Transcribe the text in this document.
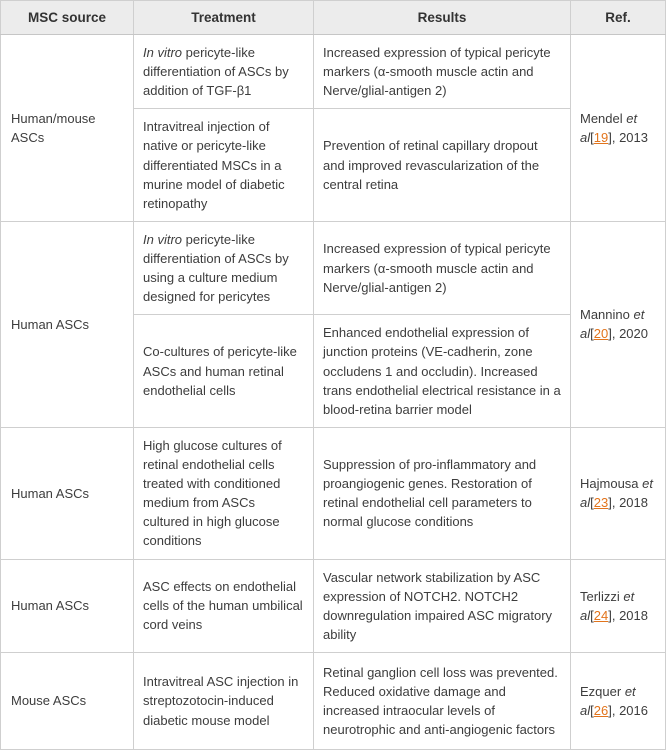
MSC source	Treatment	Results	Ref.
Human/mouse ASCs	In vitro pericyte-like differentiation of ASCs by addition of TGF-β1	Increased expression of typical pericyte markers (α-smooth muscle actin and Nerve/glial-antigen 2)	Mendel et al[19], 2013
	Intravitreal injection of native or pericyte-like differentiated MSCs in a murine model of diabetic retinopathy	Prevention of retinal capillary dropout and improved revascularization of the central retina	
Human ASCs	In vitro pericyte-like differentiation of ASCs by using a culture medium designed for pericytes	Increased expression of typical pericyte markers (α-smooth muscle actin and Nerve/glial-antigen 2)	Mannino et al[20], 2020
	Co-cultures of pericyte-like ASCs and human retinal endothelial cells	Enhanced endothelial expression of junction proteins (VE-cadherin, zone occludens 1 and occludin). Increased trans endothelial electrical resistance in a blood-retina barrier model	
Human ASCs	High glucose cultures of retinal endothelial cells treated with conditioned medium from ASCs cultured in high glucose conditions	Suppression of pro-inflammatory and proangiogenic genes. Restoration of retinal endothelial cell parameters to normal glucose conditions	Hajmousa et al[23], 2018
Human ASCs	ASC effects on endothelial cells of the human umbilical cord veins	Vascular network stabilization by ASC expression of NOTCH2. NOTCH2 downregulation impaired ASC migratory ability	Terlizzi et al[24], 2018
Mouse ASCs	Intravitreal ASC injection in streptozotocin-induced diabetic mouse model	Retinal ganglion cell loss was prevented. Reduced oxidative damage and increased intraocular levels of neurotrophic and anti-angiogenic factors	Ezquer et al[26], 2016
